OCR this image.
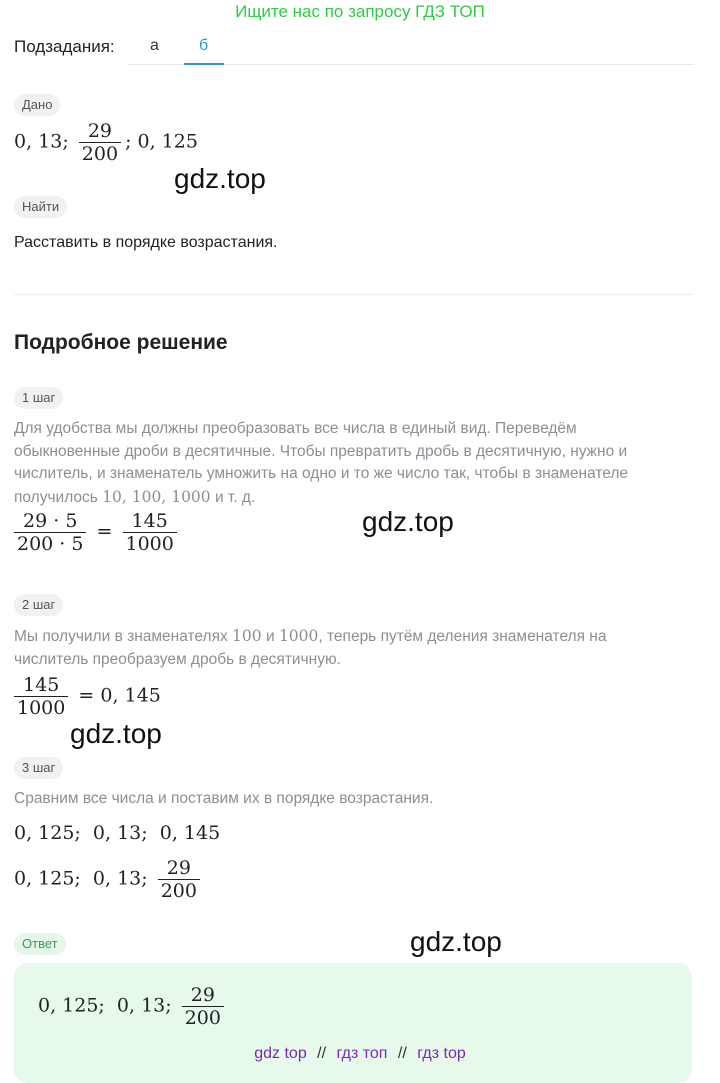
Ищите нас по запросу ГДЗ ТОП
Подзадания: а	б
Дано
0, 13; $\frac{29}{200}$ ; 0, 125
gdz.top
Найти
Расставить в порядке возрастания.
Подробное решение
1 шаг
Для удобства мы должны преобразовать все числа в единый вид. Переведём
обыкновенные дроби в десятичные. Чтобы превратить дробь в десятичную, нужно и
числитель, и знаменатель умножить на одно и то же число так, чтобы в знаменателе
получилось 10, 100, 1000 и т. д.
$\frac{29 \cdot 5}{200 \cdot 5} = \frac{145}{1000}$	gdz.top
2 шаг
Мы получили в знаменателях 100 и 1000, теперь путём деления знаменателя на
числитель преобразуем дробь в десятичную.
$\frac{145}{1000} = 0$, 145
gdz.top
3 шаг
Сравним все числа и поставим их в порядке возрастания.
0, 125;  0, 13;  0, 145
0, 125;  0, 13; $\frac{29}{200}$
Ответ	gdz.top
0, 125;  0, 13; $\frac{29}{200}$
gdz top // гдз топ // гдз top
